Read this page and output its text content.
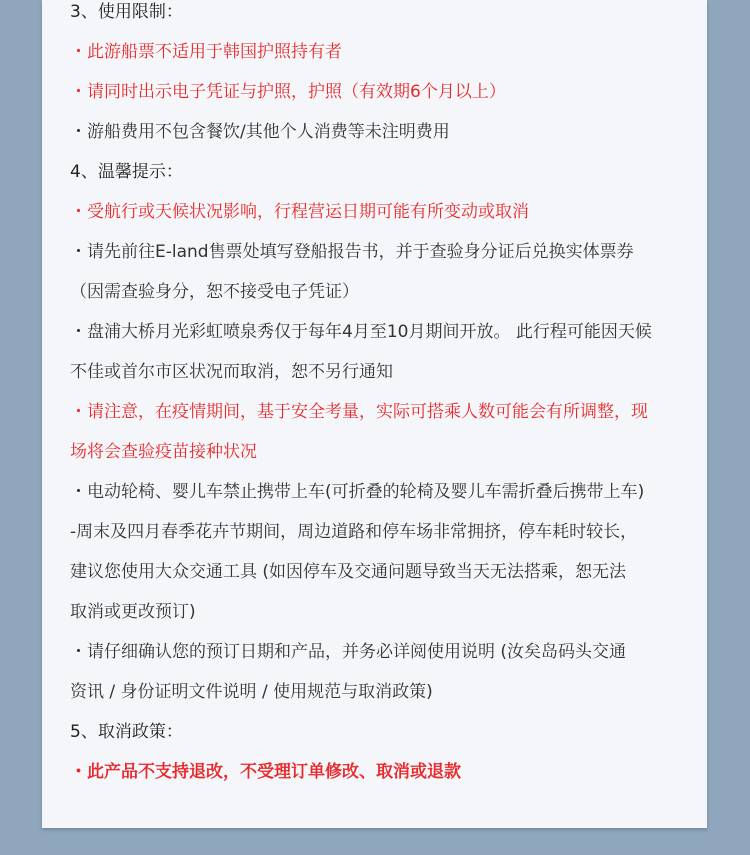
3、使用限制：
・此游船票不适用于韩国护照持有者
・请同时出示电子凭证与护照，护照（有效期6个月以上）
・游船费用不包含餐饮/其他个人消费等未注明费用
4、温馨提示：
・受航行或天候状况影响，行程营运日期可能有所变动或取消
・请先前往E-land售票处填写登船报告书，并于查验身分证后兑换实体票券
（因需查验身分，恕不接受电子凭证）
・盘浦大桥月光彩虹喷泉秀仅于每年4月至10月期间开放。 此行程可能因天候
不佳或首尔市区状况而取消，恕不另行通知
・请注意，在疫情期间，基于安全考量，实际可搭乘人数可能会有所调整，现
场将会查验疫苗接种状况
・电动轮椅、婴儿车禁止携带上车(可折叠的轮椅及婴儿车需折叠后携带上车)
-周末及四月春季花卉节期间，周边道路和停车场非常拥挤，停车耗时较长，
建议您使用大众交通工具 (如因停车及交通问题导致当天无法搭乘，恕无法
取消或更改预订)
・请仔细确认您的预订日期和产品，并务必详阅使用说明 (汝矣岛码头交通
资讯 / 身份证明文件说明 / 使用规范与取消政策)
5、取消政策：
・此产品不支持退改，不受理订单修改、取消或退款
